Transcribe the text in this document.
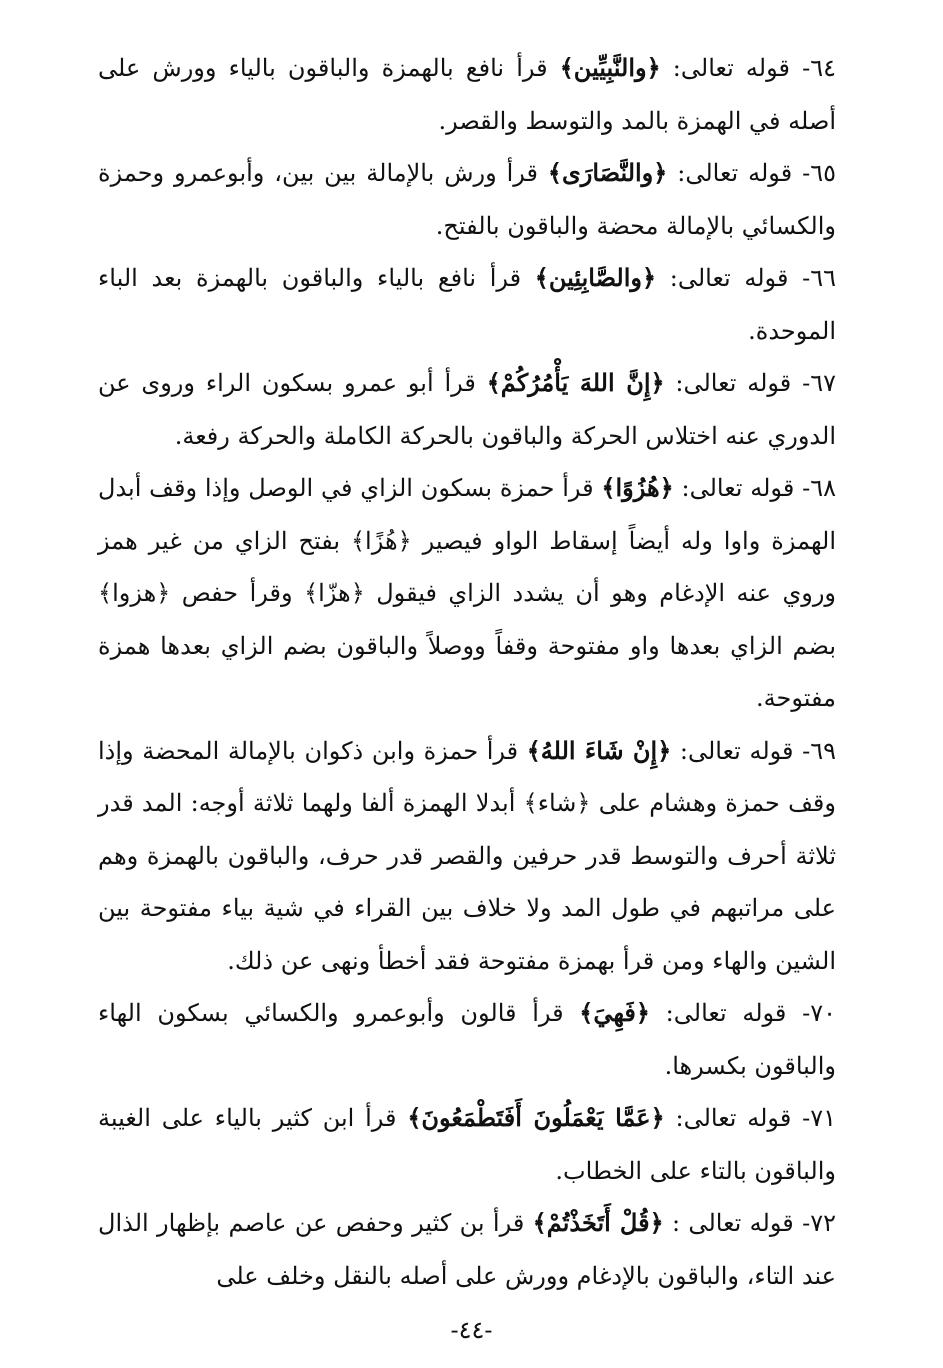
٦٤- قوله تعالى: ﴿والنَّبِيِّين﴾ قرأ نافع بالهمزة والباقون بالياء وورش على أصله في الهمزة بالمد والتوسط والقصر.

٦٥- قوله تعالى: ﴿والنَّصَارَى﴾ قرأ ورش بالإمالة بين بين، وأبوعمرو وحمزة والكسائي بالإمالة محضة والباقون بالفتح.

٦٦- قوله تعالى: ﴿والصَّابِئِين﴾ قرأ نافع بالياء والباقون بالهمزة بعد الباء الموحدة.

٦٧- قوله تعالى: ﴿إِنَّ اللهَ يَأْمُرُكُمْ﴾ قرأ أبو عمرو بسكون الراء وروى عن الدوري عنه اختلاس الحركة والباقون بالحركة الكاملة والحركة رفعة.

٦٨- قوله تعالى: ﴿هُزُوًا﴾ قرأ حمزة بسكون الزاي في الوصل وإذا وقف أبدل الهمزة واوا وله أيضاً إسقاط الواو فيصير ﴿هُزًا﴾ بفتح الزاي من غير همز وروي عنه الإدغام وهو أن يشدد الزاي فيقول ﴿هزّا﴾ وقرأ حفص ﴿هزوا﴾ بضم الزاي بعدها واو مفتوحة وقفاً ووصلاً والباقون بضم الزاي بعدها همزة مفتوحة.

٦٩- قوله تعالى: ﴿إِنْ شَاءَ اللهُ﴾ قرأ حمزة وابن ذكوان بالإمالة المحضة وإذا وقف حمزة وهشام على ﴿شاء﴾ أبدلا الهمزة ألفا ولهما ثلاثة أوجه: المد قدر ثلاثة أحرف والتوسط قدر حرفين والقصر قدر حرف، والباقون بالهمزة وهم على مراتبهم في طول المد ولا خلاف بين القراء في شية بياء مفتوحة بين الشين والهاء ومن قرأ بهمزة مفتوحة فقد أخطأ ونهى عن ذلك.

٧٠- قوله تعالى: ﴿فَهِيَ﴾ قرأ قالون وأبوعمرو والكسائي بسكون الهاء والباقون بكسرها.

٧١- قوله تعالى: ﴿عَمَّا يَعْمَلُونَ أَفَتَطْمَعُونَ﴾ قرأ ابن كثير بالياء على الغيبة والباقون بالتاء على الخطاب.

٧٢- قوله تعالى : ﴿قُلْ أَتَخَذْتُمْ﴾ قرأ بن كثير وحفص عن عاصم بإظهار الذال عند التاء، والباقون بالإدغام وورش على أصله بالنقل وخلف على

-٤٤-
